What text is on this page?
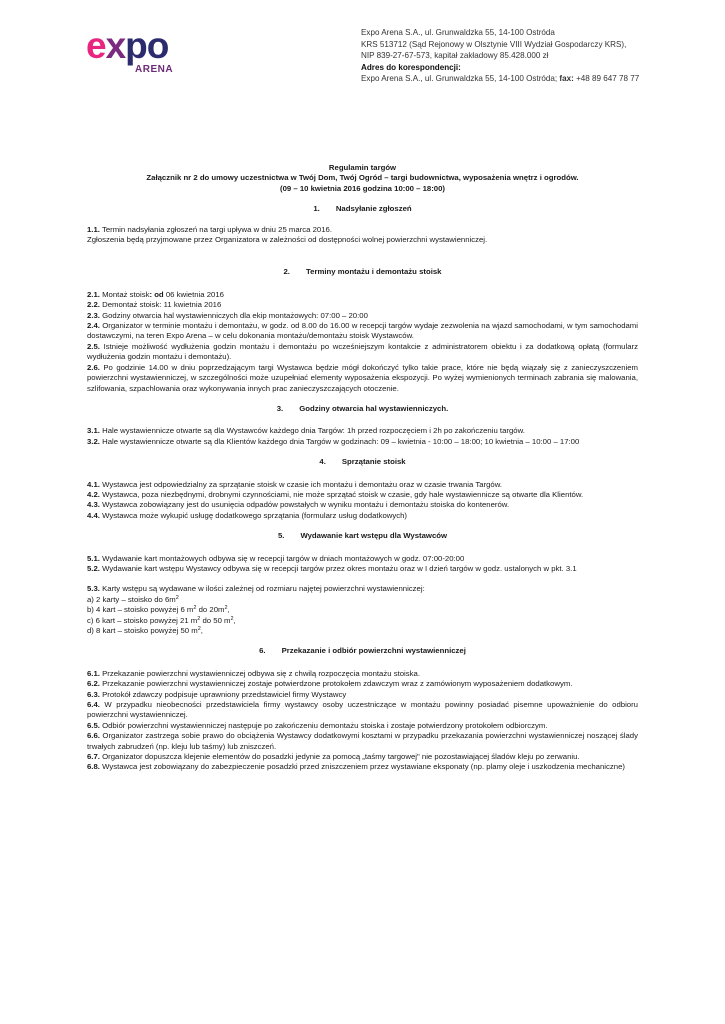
expo
ARENA
Expo Arena S.A., ul. Grunwaldzka 55, 14-100 Ostróda
KRS 513712 (Sąd Rejonowy w Olsztynie VIII Wydział Gospodarczy KRS),
NIP 839-27-67-573, kapitał zakładowy 85.428.000 zł
Adres do korespondencji:
Expo Arena S.A., ul. Grunwaldzka 55, 14-100 Ostróda; fax: +48 89 647 78 77
Regulamin targów
Załącznik nr 2 do umowy uczestnictwa w Twój Dom, Twój Ogród – targi budownictwa, wyposażenia wnętrz i ogrodów.
(09 – 10 kwietnia 2016 godzina 10:00 – 18:00)
1. Nadsyłanie zgłoszeń

1.1. Termin nadsyłania zgłoszeń na targi upływa w dniu 25 marca 2016.

Zgłoszenia będą przyjmowane przez Organizatora w zależności od dostępności wolnej powierzchni wystawienniczej.

2. Terminy montażu i demontażu stoisk

2.1. Montaż stoisk: od 06 kwietnia 2016

2.2. Demontaż stoisk: 11 kwietnia 2016

2.3. Godziny otwarcia hal wystawienniczych dla ekip montażowych: 07:00 – 20:00

2.4. Organizator w terminie montażu i demontażu, w godz. od 8.00 do 16.00 w recepcji targów wydaje zezwolenia na wjazd samochodami, w tym samochodami dostawczymi, na teren Expo Arena – w celu dokonania montażu/demontażu stoisk Wystawców.

2.5. Istnieje możliwość wydłużenia godzin montażu i demontażu po wcześniejszym kontakcie z administratorem obiektu i za dodatkową opłatą (formularz wydłużenia godzin montażu i demontażu).

2.6. Po godzinie 14.00 w dniu poprzedzającym targi Wystawca będzie mógł dokończyć tylko takie prace, które nie będą wiązały się z zanieczyszczeniem powierzchni wystawienniczej, w szczególności może uzupełniać elementy wyposażenia ekspozycji. Po wyżej wymienionych terminach zabrania się malowania, szlifowania, szpachlowania oraz wykonywania innych prac zanieczyszczających otoczenie.

3. Godziny otwarcia hal wystawienniczych.

3.1. Hale wystawiennicze otwarte są dla Wystawców każdego dnia Targów: 1h przed rozpoczęciem i 2h po zakończeniu targów.

3.2. Hale wystawiennicze otwarte są dla Klientów każdego dnia Targów w godzinach: 09 – kwietnia - 10:00 – 18:00; 10 kwietnia – 10:00 – 17:00

4. Sprzątanie stoisk

4.1. Wystawca jest odpowiedzialny za sprzątanie stoisk w czasie ich montażu i demontażu oraz w czasie trwania Targów.

4.2. Wystawca, poza niezbędnymi, drobnymi czynnościami, nie może sprzątać stoisk w czasie, gdy hale wystawiennicze są otwarte dla Klientów.

4.3. Wystawca zobowiązany jest do usunięcia odpadów powstałych w wyniku montażu i demontażu stoiska do kontenerów.

4.4. Wystawca może wykupić usługę dodatkowego sprzątania (formularz usług dodatkowych)

5. Wydawanie kart wstępu dla Wystawców

5.1. Wydawanie kart montażowych odbywa się w recepcji targów w dniach montażowych w godz. 07:00-20:00

5.2. Wydawanie kart wstępu Wystawcy odbywa się w recepcji targów przez okres montażu oraz w I dzień targów w godz. ustalonych w pkt. 3.1

5.3. Karty wstępu są wydawane w ilości zależnej od rozmiaru najętej powierzchni wystawienniczej:

a) 2 karty – stoisko do $6m^2$

b) 4 kart – stoisko powyżej 6 $m^2$ do $20m^2$,

c) 6 kart – stoisko powyżej 21 $m^2$ do 50 $m^2$,

d) 8 kart – stoisko powyżej 50 $m^2$,

6. Przekazanie i odbiór powierzchni wystawienniczej

6.1. Przekazanie powierzchni wystawienniczej odbywa się z chwilą rozpoczęcia montażu stoiska.

6.2. Przekazanie powierzchni wystawienniczej zostaje potwierdzone protokołem zdawczym wraz z zamówionym wyposażeniem dodatkowym.

6.3. Protokół zdawczy podpisuje uprawniony przedstawiciel firmy Wystawcy

6.4. W przypadku nieobecności przedstawiciela firmy wystawcy osoby uczestniczące w montażu powinny posiadać pisemne upoważnienie do odbioru powierzchni wystawienniczej.

6.5. Odbiór powierzchni wystawienniczej następuje po zakończeniu demontażu stoiska i zostaje potwierdzony protokołem odbiorczym.

6.6. Organizator zastrzega sobie prawo do obciążenia Wystawcy dodatkowymi kosztami w przypadku przekazania powierzchni wystawienniczej noszącej ślady trwałych zabrudzeń (np. kleju lub taśmy) lub zniszczeń.

6.7. Organizator dopuszcza klejenie elementów do posadzki jedynie za pomocą „taśmy targowej" nie pozostawiającej śladów kleju po zerwaniu.

6.8. Wystawca jest zobowiązany do zabezpieczenie posadzki przed zniszczeniem przez wystawiane eksponaty (np. plamy oleje i uszkodzenia mechaniczne)
